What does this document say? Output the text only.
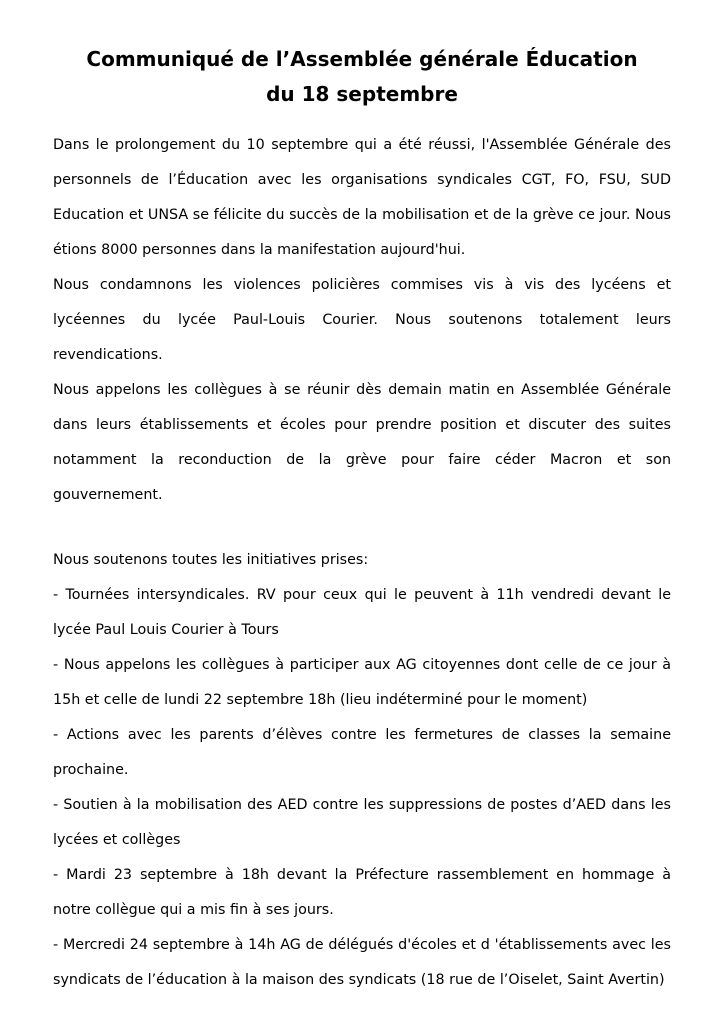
Communiqué de l’Assemblée générale Éducation
du 18 septembre

Dans le prolongement du 10 septembre qui a été réussi, l'Assemblée Générale des personnels de l’Éducation avec les organisations syndicales CGT, FO, FSU, SUD Education et UNSA se félicite du succès de la mobilisation et de la grève ce jour. Nous étions 8000 personnes dans la manifestation aujourd'hui.

Nous condamnons les violences policières commises vis à vis des lycéens et lycéennes du lycée Paul-Louis Courier. Nous soutenons totalement leurs revendications.

Nous appelons les collègues à se réunir dès demain matin en Assemblée Générale dans leurs établissements et écoles pour prendre position et discuter des suites notamment la reconduction de la grève pour faire céder Macron et son gouvernement.

Nous soutenons toutes les initiatives prises:

- Tournées intersyndicales. RV pour ceux qui le peuvent à 11h vendredi devant le lycée Paul Louis Courier à Tours

- Nous appelons les collègues à participer aux AG citoyennes dont celle de ce jour à 15h et celle de lundi 22 septembre 18h (lieu indéterminé pour le moment)

- Actions avec les parents d’élèves contre les fermetures de classes la semaine prochaine.

- Soutien à la mobilisation des AED contre les suppressions de postes d’AED dans les lycées et collèges

- Mardi 23 septembre à 18h devant la Préfecture rassemblement en hommage à notre collègue qui a mis fin à ses jours.

- Mercredi 24 septembre à 14h AG de délégués d'écoles et d 'établissements avec les syndicats de l’éducation à la maison des syndicats (18 rue de l’Oiselet, Saint Avertin)
